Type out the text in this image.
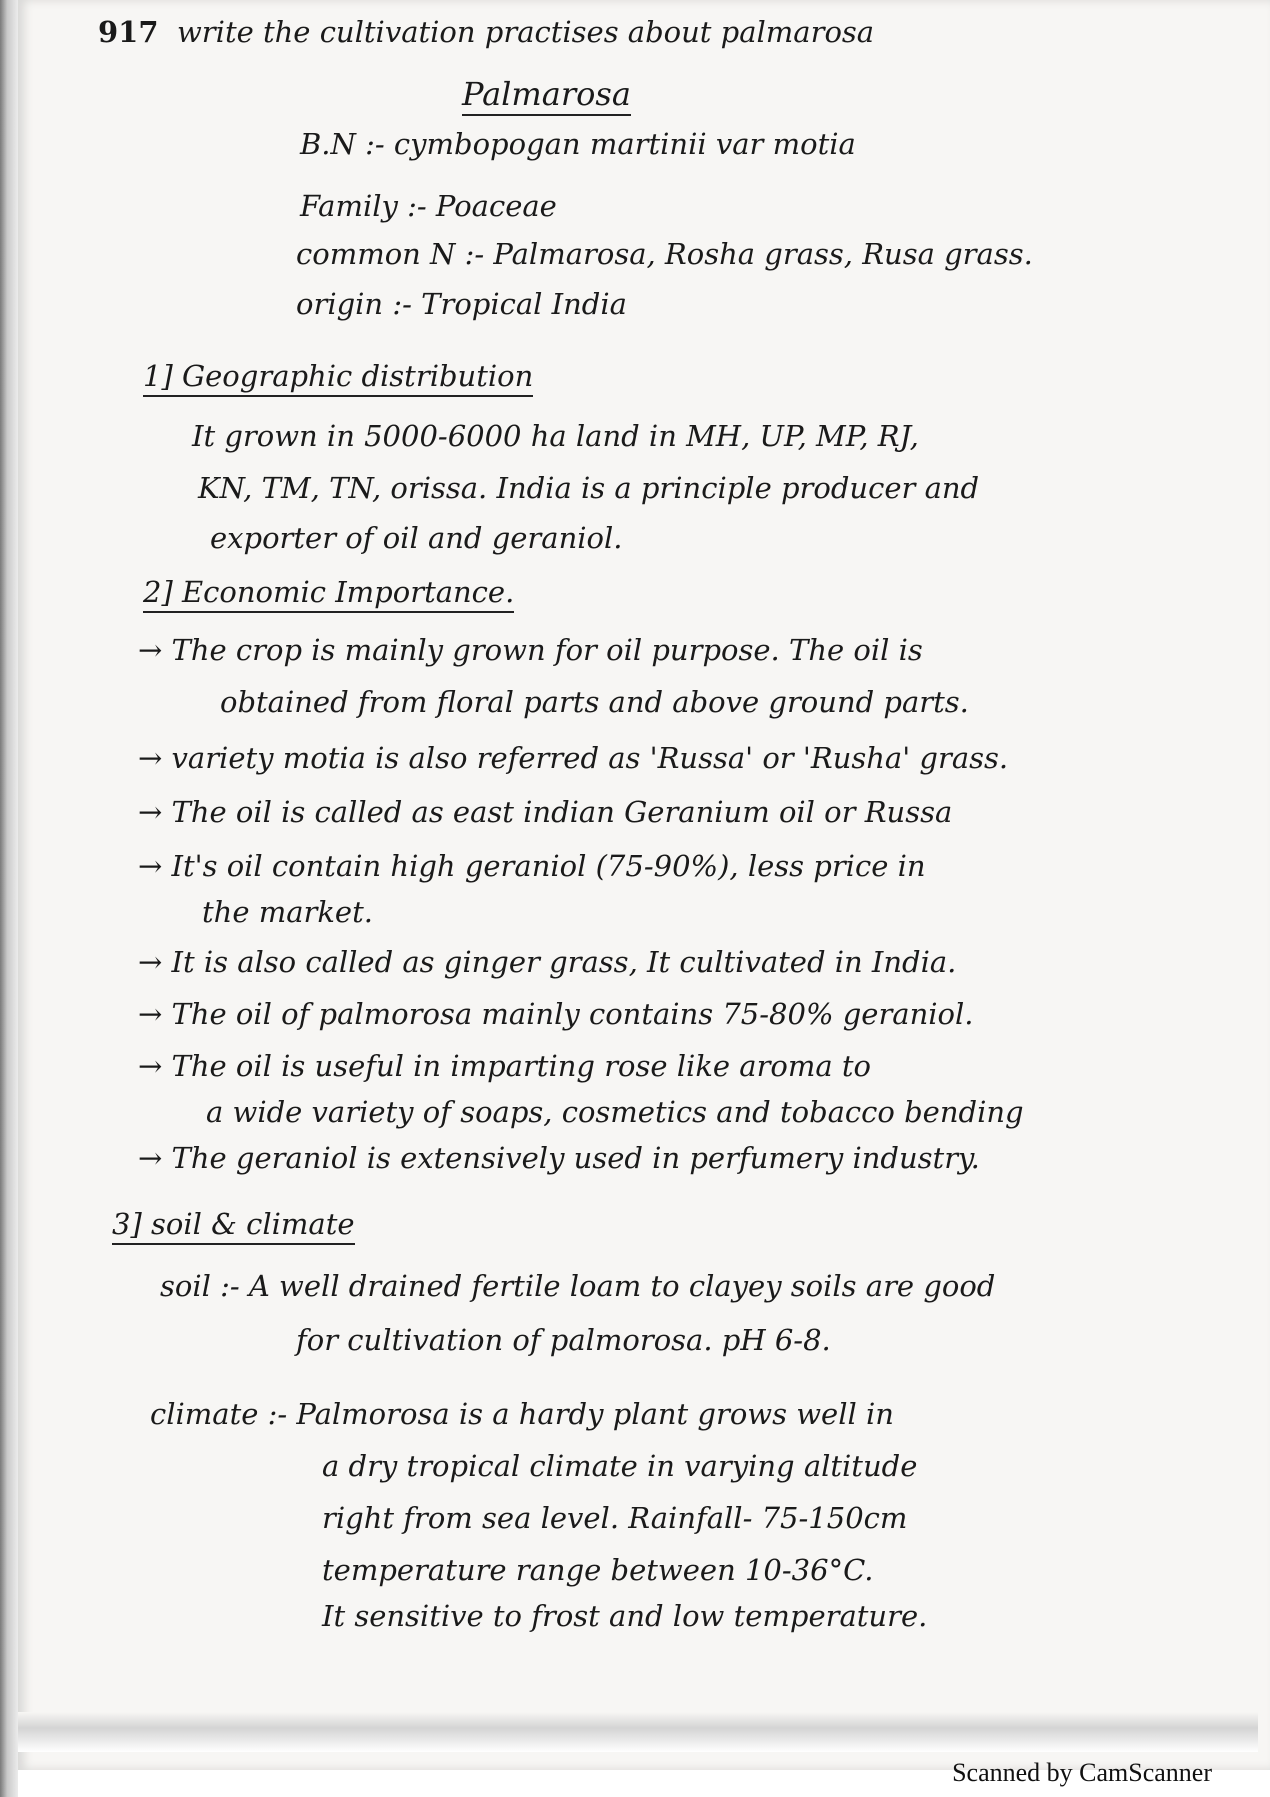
917 write the cultivation practises about palmarosa
Palmarosa
B.N :- cymbopogan martinii var motia
Family :- Poaceae
common N :- Palmarosa, Rosha grass, Rusa grass.
origin :- Tropical India
1] Geographic distribution
It grown in 5000-6000 ha land in MH, UP, MP, RJ,
KN, TM, TN, orissa. India is a principle producer and
exporter of oil and geraniol.
2] Economic Importance.
→ The crop is mainly grown for oil purpose. The oil is
obtained from floral parts and above ground parts.
→ variety motia is also referred as 'Russa' or 'Rusha' grass.
→ The oil is called as east indian Geranium oil or Russa
→ It's oil contain high geraniol (75-90%), less price in
the market.
→ It is also called as ginger grass, It cultivated in India.
→ The oil of palmorosa mainly contains 75-80% geraniol.
→ The oil is useful in imparting rose like aroma to
a wide variety of soaps, cosmetics and tobacco bending
→ The geraniol is extensively used in perfumery industry.
3] soil & climate
soil :- A well drained fertile loam to clayey soils are good
for cultivation of palmorosa. pH 6-8.
climate :- Palmorosa is a hardy plant grows well in
a dry tropical climate in varying altitude
right from sea level. Rainfall- 75-150cm
temperature range between 10-36°C.
It sensitive to frost and low temperature.
Scanned by CamScanner
